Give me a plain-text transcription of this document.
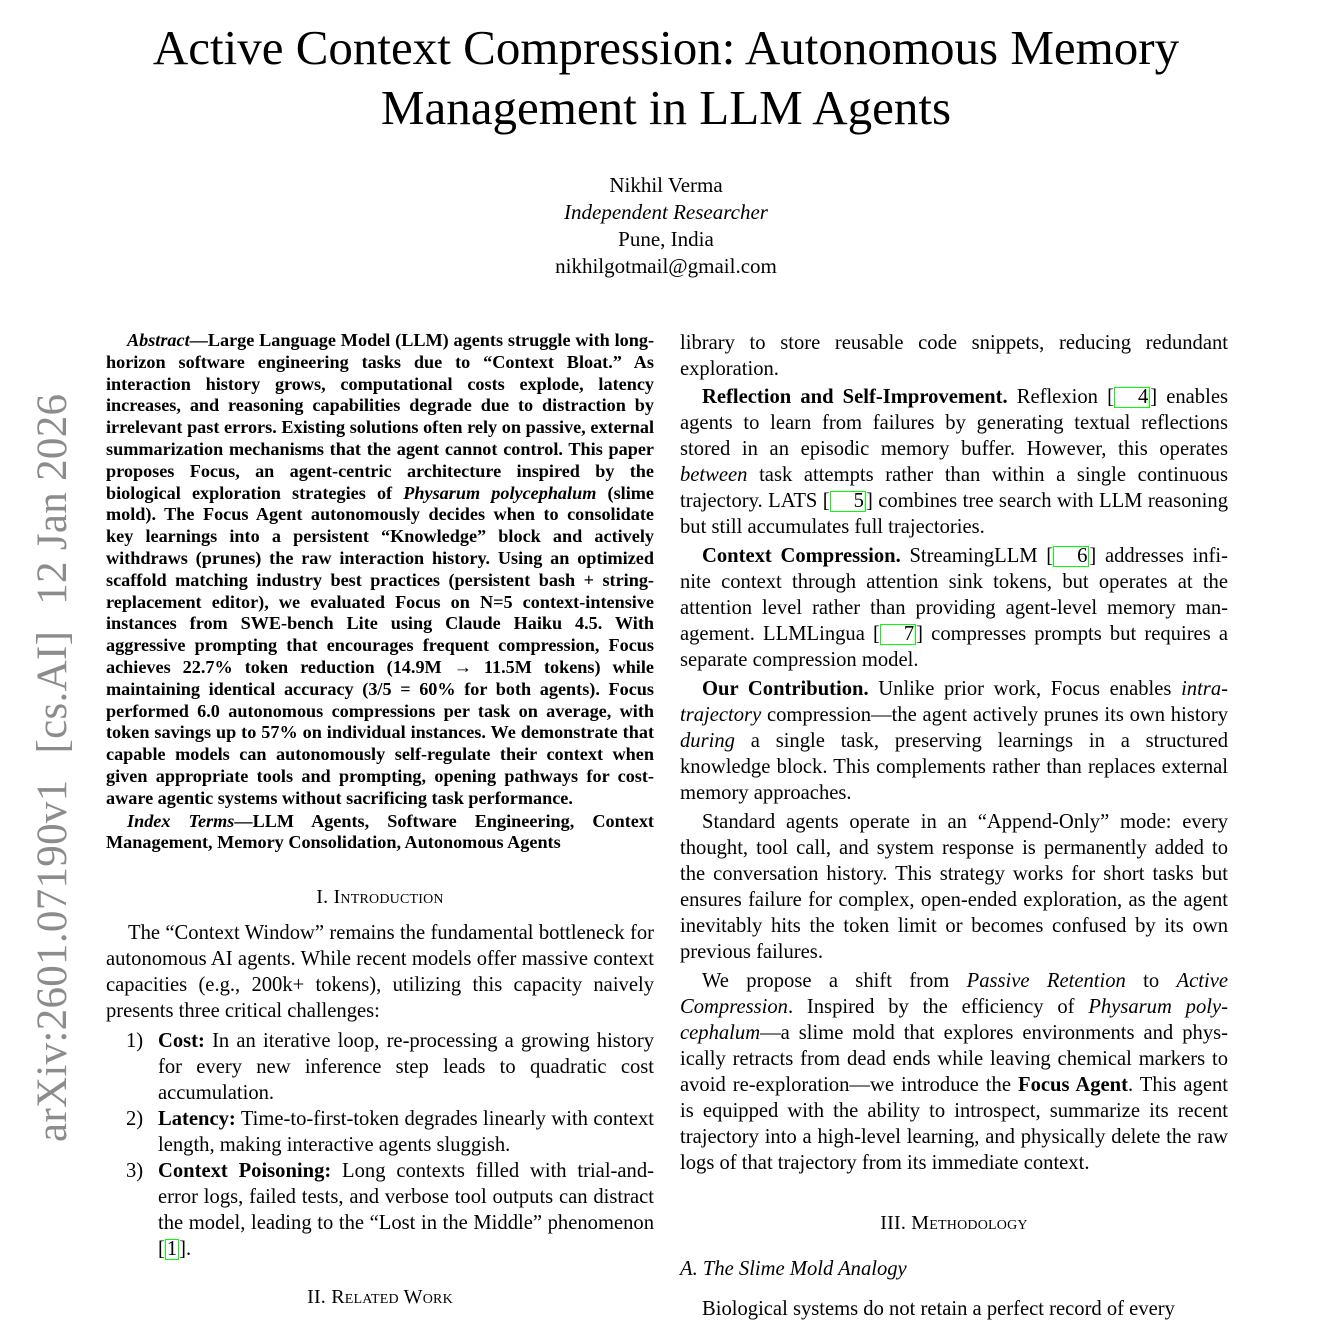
Active Context Compression: Autonomous Memory
Management in LLM Agents
Nikhil Verma
Independent Researcher
Pune, India
nikhilgotmail@gmail.com
arXiv:2601.07190v1[cs.AI]12 Jan 2026

Abstract—Large Language Model (LLM) agents struggle with long-horizon software engineering tasks due to “Context Bloat.” As interaction history grows, computational costs explode, latency increases, and reasoning capabilities degrade due to distraction by irrelevant past errors. Existing solutions often rely on passive, external summarization mechanisms that the agent cannot control. This paper proposes Focus, an agent-centric architecture inspired by the biological exploration strategies of Physarum polycephalum (slime mold). The Focus Agent autonomously decides when to consolidate key learnings into a persistent “Knowledge” block and actively withdraws (prunes) the raw interaction history. Using an optimized scaffold matching industry best practices (persistent bash + string-replacement editor), we evaluated Focus on N=5 context-intensive instances from SWE-bench Lite using Claude Haiku 4.5. With aggressive prompting that encourages frequent compression, Focus achieves 22.7% token reduction (14.9M → 11.5M tokens) while maintaining identical accuracy (3/5 = 60% for both agents). Focus performed 6.0 autonomous compressions per task on average, with token savings up to 57% on individual instances. We demonstrate that capable models can autonomously self-regulate their context when given appropriate tools and prompting, opening pathways for cost-aware agentic systems without sacrificing task performance.

Index Terms—LLM Agents, Software Engineering, Context Management, Memory Consolidation, Autonomous Agents

I. Introduction

The “Context Window” remains the fundamental bottleneck for autonomous AI agents. While recent models offer massive context capacities (e.g., 200k+ tokens), utilizing this capacity naively presents three critical challenges:

1) Cost: In an iterative loop, re-processing a growing history for every new inference step leads to quadratic cost accumulation.
2) Latency: Time-to-first-token degrades linearly with context length, making interactive agents sluggish.
3) Context Poisoning: Long contexts filled with trial-and-error logs, failed tests, and verbose tool outputs can distract the model, leading to the “Lost in the Middle” phenomenon [1].
II. Related Work

library to store reusable code snippets, reducing redundant exploration.

Reflection and Self-Improvement. Reflexion [ 4] enables agents to learn from failures by generating textual reflections stored in an episodic memory buffer. However, this operates between task attempts rather than within a single continuous trajectory. LATS [ 5] combines tree search with LLM reasoning but still accumulates full trajectories.

Context Compression. StreamingLLM [ 6] addresses infinite context through attention sink tokens, but operates at the attention level rather than providing agent-level memory management. LLMLingua [ 7] compresses prompts but requires a separate compression model.

Our Contribution. Unlike prior work, Focus enables intra-trajectory compression—the agent actively prunes its own history during a single task, preserving learnings in a structured knowledge block. This complements rather than replaces external memory approaches.

Standard agents operate in an “Append-Only” mode: every thought, tool call, and system response is permanently added to the conversation history. This strategy works for short tasks but ensures failure for complex, open-ended exploration, as the agent inevitably hits the token limit or becomes confused by its own previous failures.

We propose a shift from Passive Retention to Active Compression. Inspired by the efficiency of Physarum polycephalum—a slime mold that explores environments and physically retracts from dead ends while leaving chemical markers to avoid re-exploration—we introduce the Focus Agent. This agent is equipped with the ability to introspect, summarize its recent trajectory into a high-level learning, and physically delete the raw logs of that trajectory from its immediate context.

III. Methodology
A. The Slime Mold Analogy

Biological systems do not retain a perfect record of every
